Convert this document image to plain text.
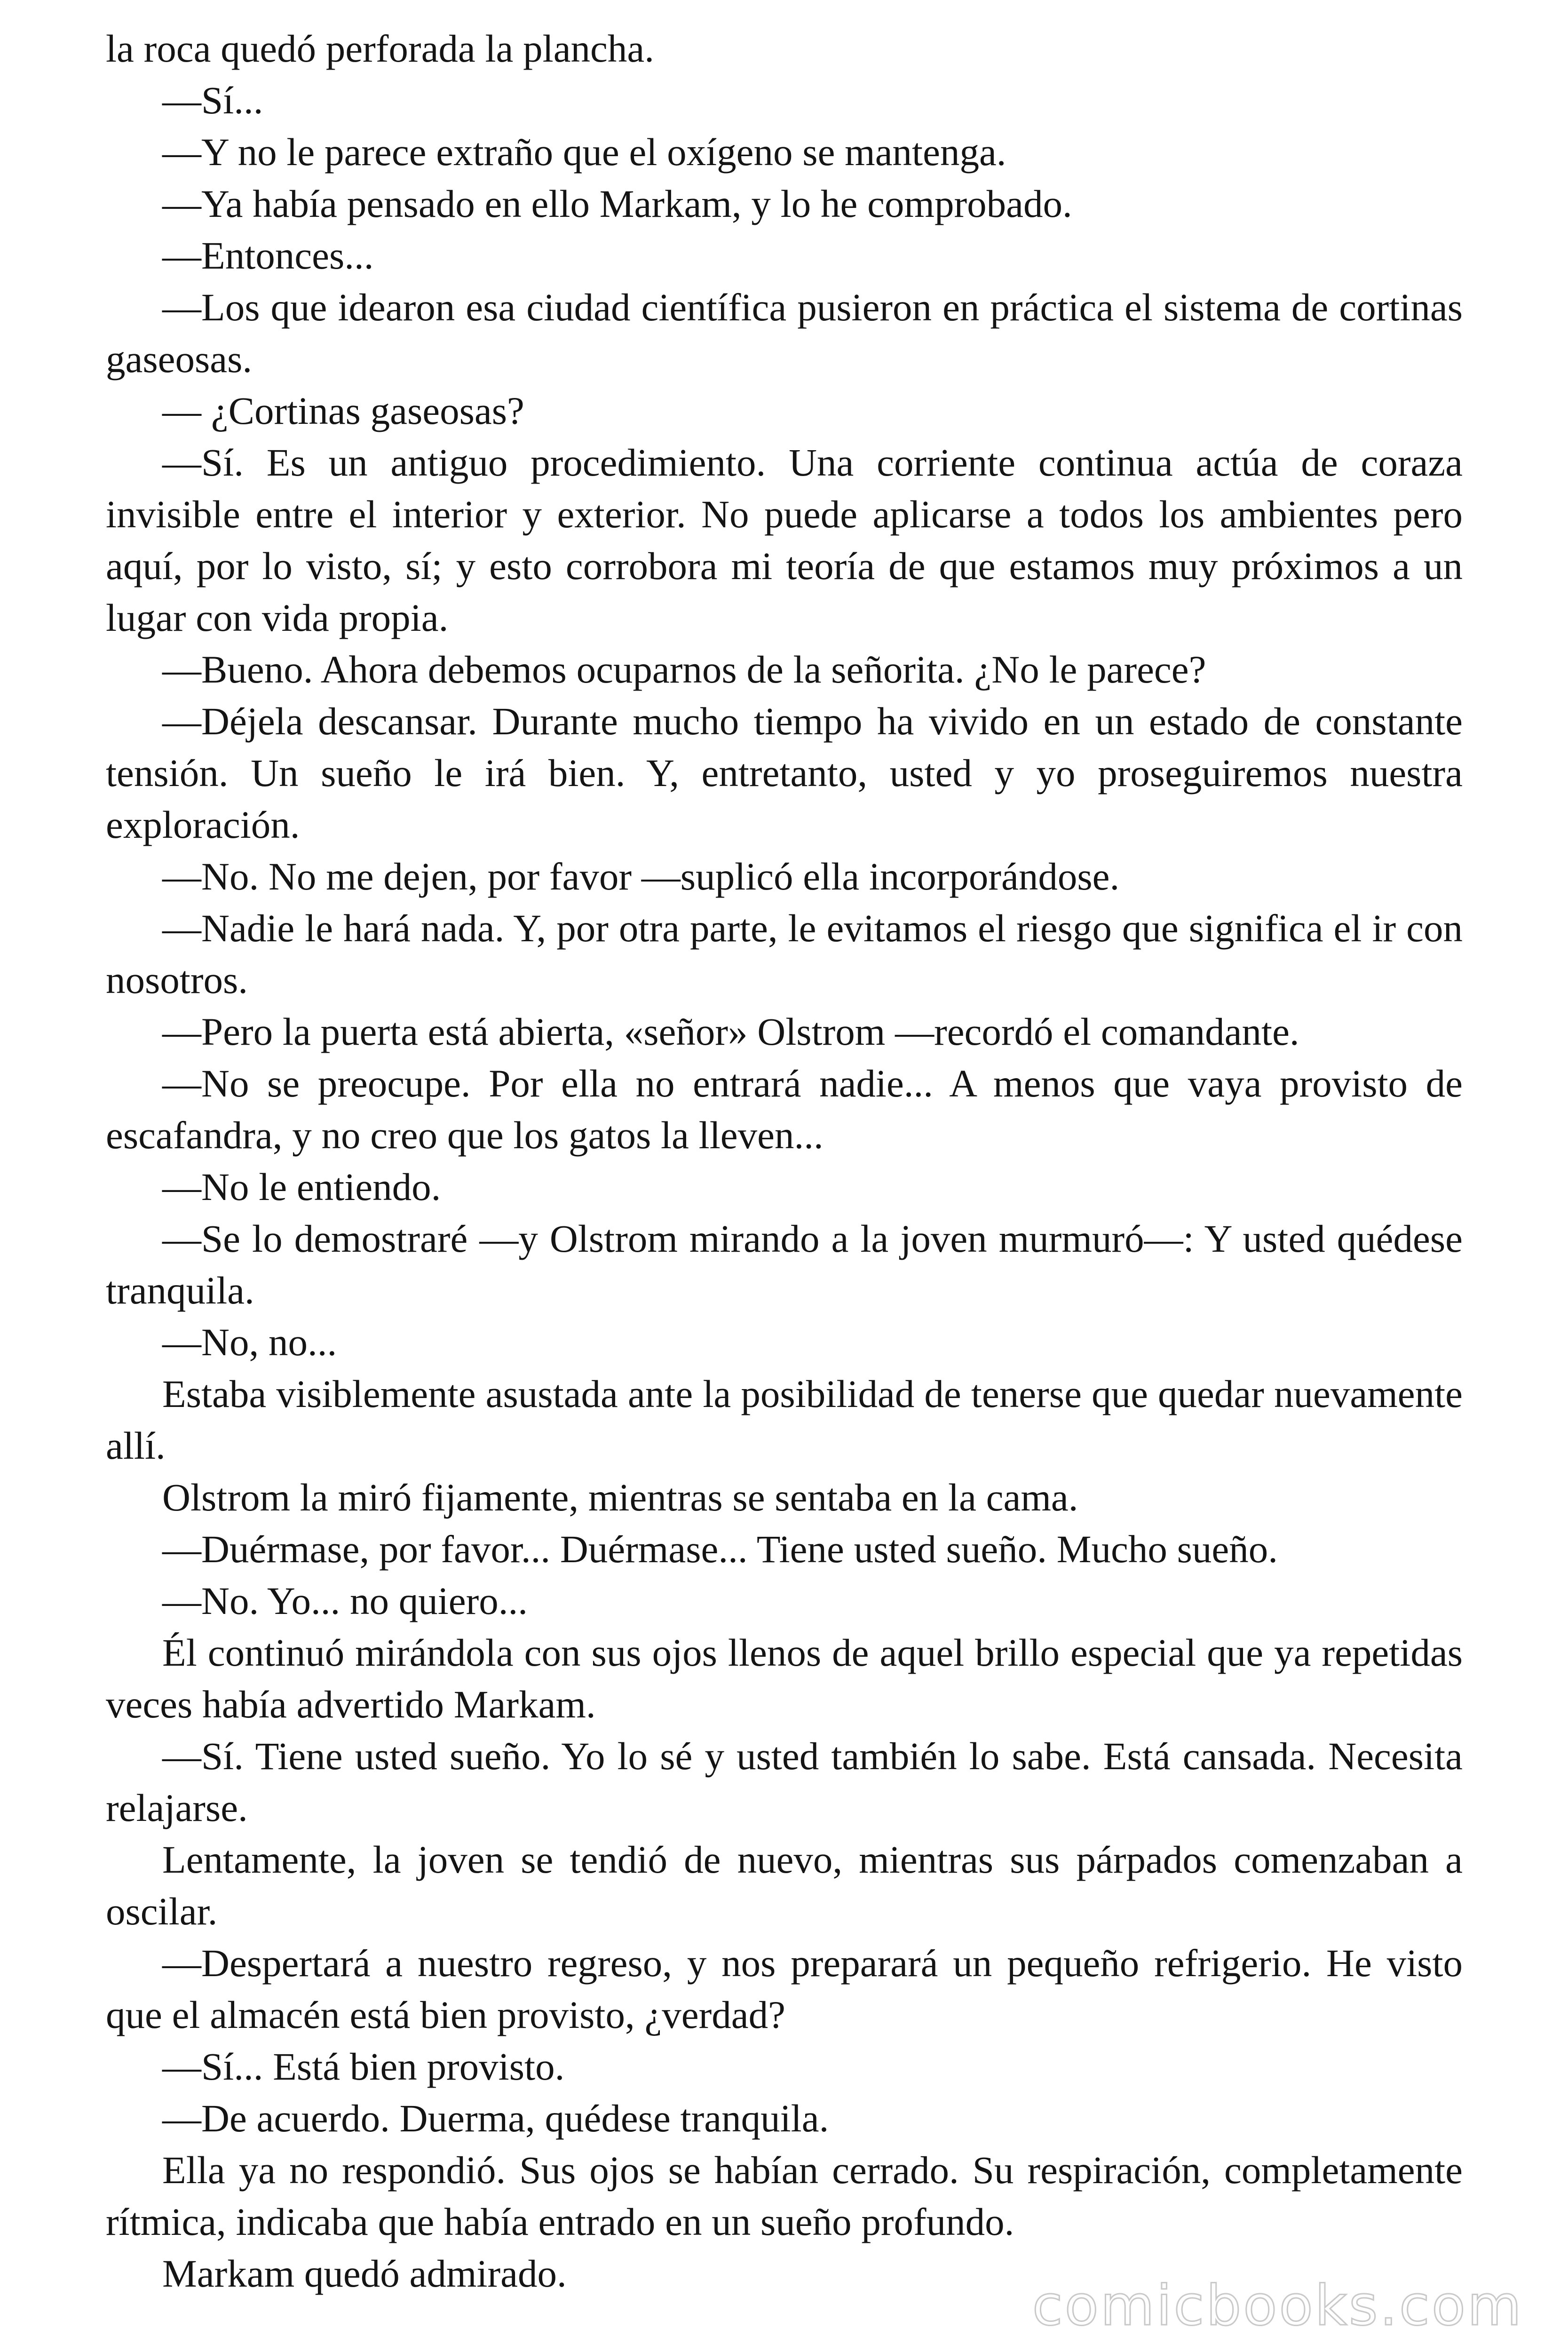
la roca quedó perforada la plancha.

—Sí...

—Y no le parece extraño que el oxígeno se mantenga.

—Ya había pensado en ello Markam, y lo he comprobado.

—Entonces...

—Los que idearon esa ciudad científica pusieron en práctica el sistema de cortinas gaseosas.

— ¿Cortinas gaseosas?

—Sí. Es un antiguo procedimiento. Una corriente continua actúa de coraza invisible entre el interior y exterior. No puede aplicarse a todos los ambientes pero aquí, por lo visto, sí; y esto corrobora mi teoría de que estamos muy próximos a un lugar con vida propia.

—Bueno. Ahora debemos ocuparnos de la señorita. ¿No le parece?

—Déjela descansar. Durante mucho tiempo ha vivido en un estado de constante tensión. Un sueño le irá bien. Y, entretanto, usted y yo proseguiremos nuestra exploración.

—No. No me dejen, por favor —suplicó ella incorporándose.

—Nadie le hará nada. Y, por otra parte, le evitamos el riesgo que significa el ir con nosotros.

—Pero la puerta está abierta, «señor» Olstrom —recordó el comandante.

—No se preocupe. Por ella no entrará nadie... A menos que vaya provisto de escafandra, y no creo que los gatos la lleven...

—No le entiendo.

—Se lo demostraré —y Olstrom mirando a la joven murmuró—: Y usted quédese tranquila.

—No, no...

Estaba visiblemente asustada ante la posibilidad de tenerse que quedar nuevamente allí.

Olstrom la miró fijamente, mientras se sentaba en la cama.

—Duérmase, por favor... Duérmase... Tiene usted sueño. Mucho sueño.

—No. Yo... no quiero...

Él continuó mirándola con sus ojos llenos de aquel brillo especial que ya repetidas veces había advertido Markam.

—Sí. Tiene usted sueño. Yo lo sé y usted también lo sabe. Está cansada. Necesita relajarse.

Lentamente, la joven se tendió de nuevo, mientras sus párpados comenzaban a oscilar.

—Despertará a nuestro regreso, y nos preparará un pequeño refrigerio. He visto que el almacén está bien provisto, ¿verdad?

—Sí... Está bien provisto.

—De acuerdo. Duerma, quédese tranquila.

Ella ya no respondió. Sus ojos se habían cerrado. Su respiración, completamente rítmica, indicaba que había entrado en un sueño profundo.

Markam quedó admirado.	comicbooks.com
